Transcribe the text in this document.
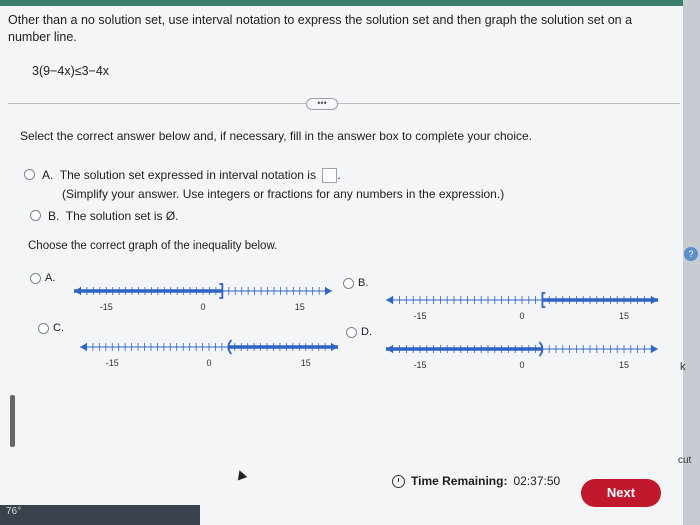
Other than a no solution set, use interval notation to express the solution set and then graph the solution set on a number line.
3(9−4x)≤3−4x
•••
Select the correct answer below and, if necessary, fill in the answer box to complete your choice.
A. The solution set expressed in interval notation is .
(Simplify your answer. Use integers or fractions for any numbers in the expression.)
B. The solution set is Ø.
Choose the correct graph of the inequality below.
A.
-15	0	15
B.
-15	0	15
C.
-15	0	15
D.
-15	0	15
Time Remaining: 02:37:50
Next
?
k
cut
76°
